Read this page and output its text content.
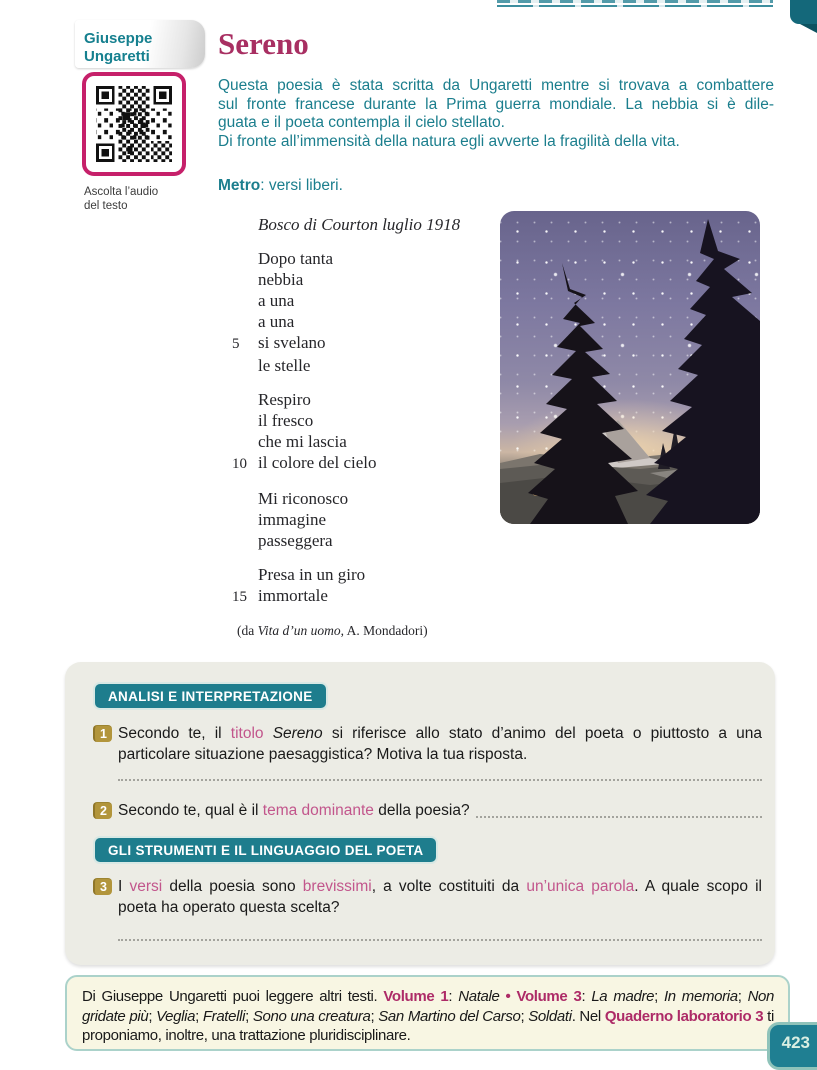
Giuseppe
Ungaretti
Ascolta l’audio
del testo
Sereno
Questa poesia è stata scritta da Ungaretti mentre si trovava a combattere
sul fronte francese durante la Prima guerra mondiale. La nebbia si è dile-
guata e il poeta contempla il cielo stellato.
Di fronte all’immensità della natura egli avverte la fragilità della vita.
Metro: versi liberi.
Bosco di Courton luglio 1918
Dopo tanta
nebbia
a una
a una
5	si svelano
le stelle
Respiro
il fresco
che mi lascia
10 il colore del cielo
Mi riconosco
immagine
passeggera
Presa in un giro
15 immortale
(da Vita d’un uomo, A. Mondadori)
ANALISI E INTERPRETAZIONE
1 Secondo te, il titolo Sereno si riferisce allo stato d’animo del poeta o piuttosto a una particolare situazione paesaggistica? Motiva la tua risposta.
2 Secondo te, qual è il tema dominante della poesia?
GLI STRUMENTI E IL LINGUAGGIO DEL POETA
3 I versi della poesia sono brevissimi, a volte costituiti da un’unica parola. A quale scopo il poeta ha operato questa scelta?
Di Giuseppe Ungaretti puoi leggere altri testi. Volume 1: Natale • Volume 3: La madre; In memoria; Non gridate più; Veglia; Fratelli; Sono una creatura; San Martino del Carso; Soldati. Nel Quaderno laboratorio 3 ti proponiamo, inoltre, una trattazione pluridisciplinare.	423
